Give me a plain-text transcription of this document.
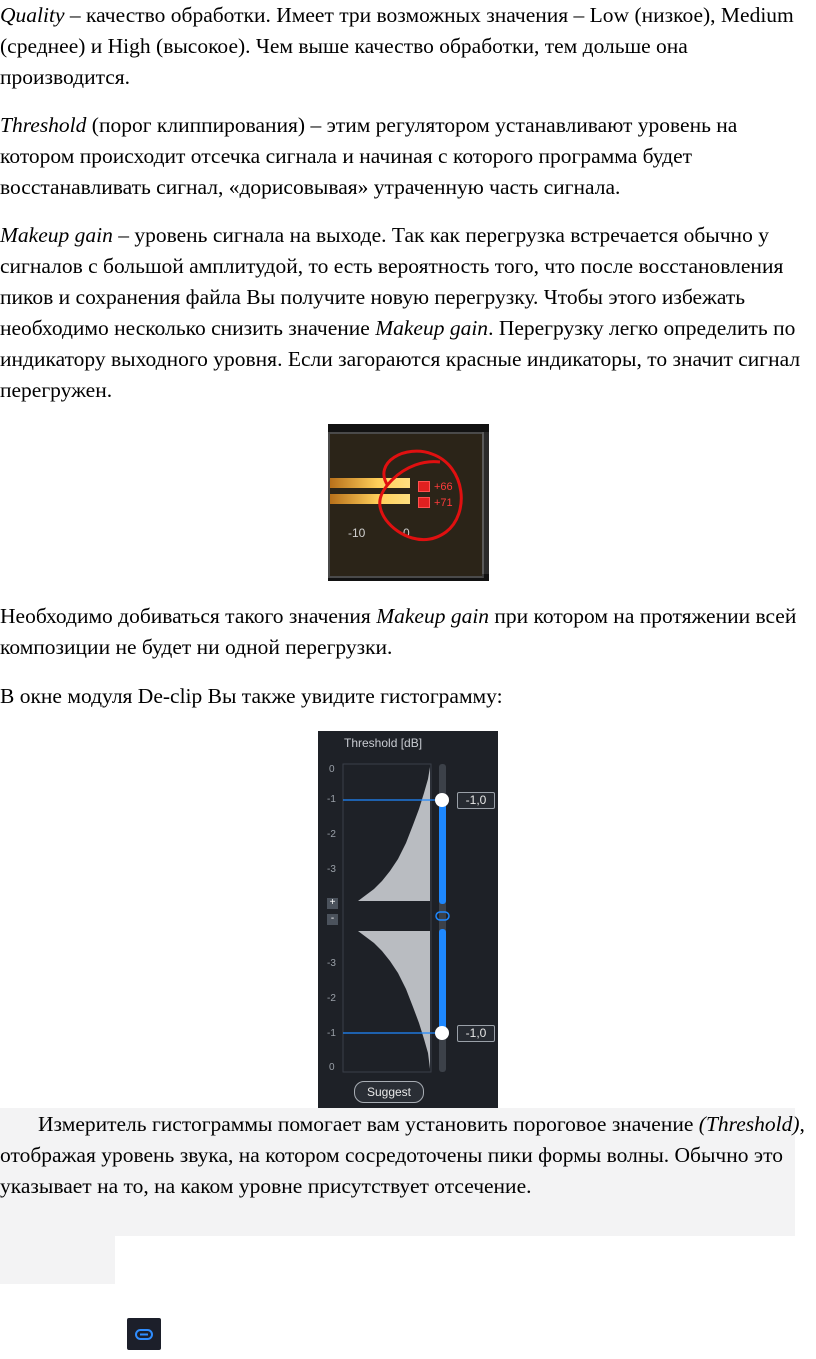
Quality – качество обработки. Имеет три возможных значения – Low (низкое), Medium (среднее) и High (высокое). Чем выше качество обработки, тем дольше она производится.

Threshold (порог клиппирования) – этим регулятором устанавливают уровень на котором происходит отсечка сигнала и начиная с которого программа будет восстанавливать сигнал, «дорисовывая» утраченную часть сигнала.

Makeup gain – уровень сигнала на выходе. Так как перегрузка встречается обычно у сигналов с большой амплитудой, то есть вероятность того, что после восстановления пиков и сохранения файла Вы получите новую перегрузку. Чтобы этого избежать необходимо несколько снизить значение Makeup gain. Перегрузку легко определить по индикатору выходного уровня. Если загораются красные индикаторы, то значит сигнал перегружен.

+66
+71
-10	0

Необходимо добиваться такого значения Makeup gain при котором на протяжении всей композиции не будет ни одной перегрузки.

В окне модуля De-clip Вы также увидите гистограмму:

Threshold [dB]
0
-1
-2
-3
+
-
-3
-2
-1
0
-1,0
-1,0
Suggest

Измеритель гистограммы помогает вам установить пороговое значение (Threshold), отображая уровень звука, на котором сосредоточены пики формы волны. Обычно это указывает на то, на каком уровне присутствует отсечение.
